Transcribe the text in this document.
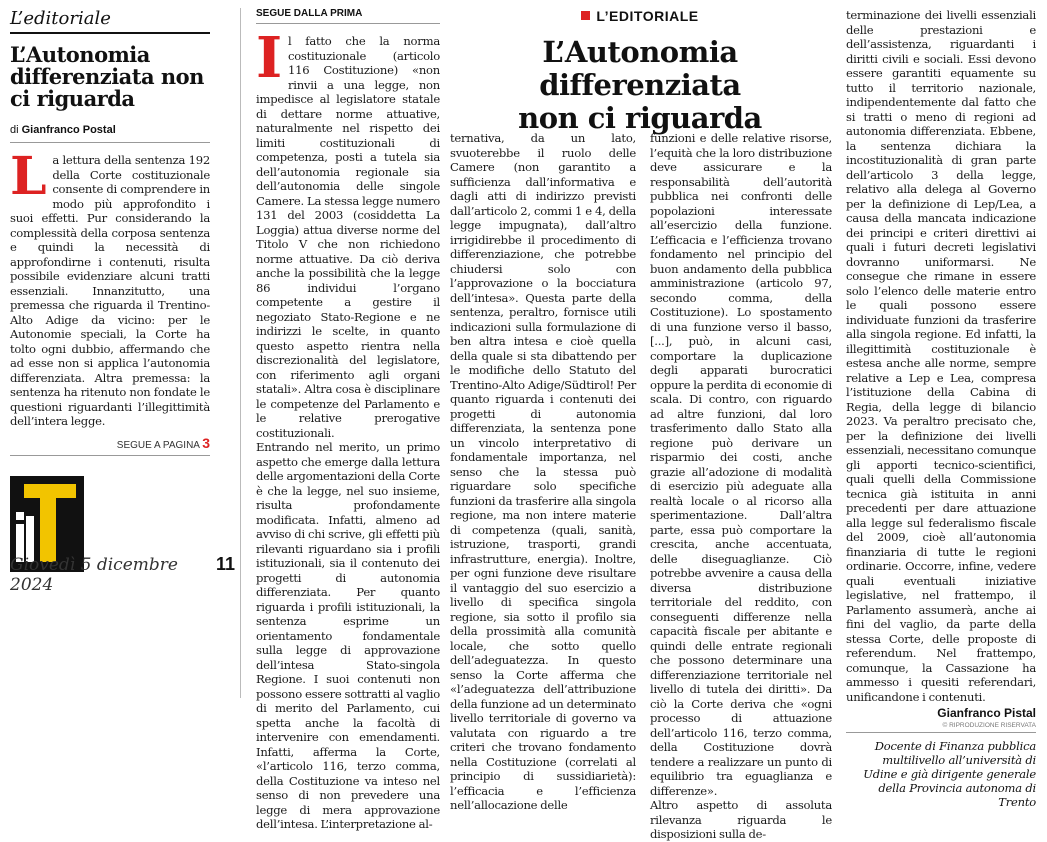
L’editoriale
L’Autonomia differenziata non ci riguarda
di Gianfranco Postal
L a lettura della sentenza 192 della Corte costituzionale consente di comprendere in modo più approfondito i suoi effetti. Pur considerando la complessità della corposa sentenza e quindi la necessità di approfondirne i contenuti, risulta possibile evidenziare alcuni tratti essenziali. Innanzitutto, una premessa che riguarda il Trentino-Alto Adige da vicino: per le Autonomie speciali, la Corte ha tolto ogni dubbio, affermando che ad esse non si applica l’autonomia differenziata. Altra premessa: la sentenza ha ritenuto non fondate le questioni riguardanti l’illegittimità dell’intera legge.
SEGUE A PAGINA 3
Giovedì 5 dicembre 2024
11
SEGUE DALLA PRIMA

Il fatto che la norma costituzionale (articolo 116 Costituzione) «non rinvii a una legge, non impedisce al legislatore statale di dettare norme attuative, naturalmente nel rispetto dei limiti costituzionali di competenza, posti a tutela sia dell’autonomia regionale sia dell’autonomia delle singole Camere. La stessa legge numero 131 del 2003 (cosiddetta La Loggia) attua diverse norme del Titolo V che non richiedono norme attuative. Da ciò deriva anche la possibilità che la legge 86 individui l’organo competente a gestire il negoziato Stato-Regione e ne indirizzi le scelte, in quanto questo aspetto rientra nella discrezionalità del legislatore, con riferimento agli organi statali». Altra cosa è disciplinare le competenze del Parlamento e le relative prerogative costituzionali.

Entrando nel merito, un primo aspetto che emerge dalla lettura delle argomentazioni della Corte è che la legge, nel suo insieme, risulta profondamente modificata. Infatti, almeno ad avviso di chi scrive, gli effetti più rilevanti riguardano sia i profili istituzionali, sia il contenuto dei progetti di autonomia differenziata. Per quanto riguarda i profili istituzionali, la sentenza esprime un orientamento fondamentale sulla legge di approvazione dell’intesa Stato-singola Regione. I suoi contenuti non possono essere sottratti al vaglio di merito del Parlamento, cui spetta anche la facoltà di intervenire con emendamenti. Infatti, afferma la Corte, «l’articolo 116, terzo comma, della Costituzione va inteso nel senso di non prevedere una legge di mera approvazione dell’intesa. L’interpretazione al-

L’EDITORIALE
L’Autonomia differenziata
non ci riguarda

ternativa, da un lato, svuoterebbe il ruolo delle Camere (non garantito a sufficienza dall’informativa e dagli atti di indirizzo previsti dall’articolo 2, commi 1 e 4, della legge impugnata), dall’altro irrigidirebbe il procedimento di differenziazione, che potrebbe chiudersi solo con l’approvazione o la bocciatura dell’intesa». Questa parte della sentenza, peraltro, fornisce utili indicazioni sulla formulazione di ben altra intesa e cioè quella della quale si sta dibattendo per le modifiche dello Statuto del Trentino-Alto Adige/Südtirol! Per quanto riguarda i contenuti dei progetti di autonomia differenziata, la sentenza pone un vincolo interpretativo di fondamentale importanza, nel senso che la stessa può riguardare solo specifiche funzioni da trasferire alla singola regione, ma non intere materie di competenza (quali, sanità, istruzione, trasporti, grandi infrastrutture, energia). Inoltre, per ogni funzione deve risultare il vantaggio del suo esercizio a livello di specifica singola regione, sia sotto il profilo sia della prossimità alla comunità locale, che sotto quello dell’adeguatezza. In questo senso la Corte afferma che «l’adeguatezza dell’attribuzione della funzione ad un determinato livello territoriale di governo va valutata con riguardo a tre criteri che trovano fondamento nella Costituzione (correlati al principio di sussidiarietà): l’efficacia e l’efficienza nell’allocazione delle

funzioni e delle relative risorse, l’equità che la loro distribuzione deve assicurare e la responsabilità dell’autorità pubblica nei confronti delle popolazioni interessate all’esercizio della funzione. L’efficacia e l’efficienza trovano fondamento nel principio del buon andamento della pubblica amministrazione (articolo 97, secondo comma, della Costituzione). Lo spostamento di una funzione verso il basso, [...], può, in alcuni casi, comportare la duplicazione degli apparati burocratici oppure la perdita di economie di scala. Di contro, con riguardo ad altre funzioni, dal loro trasferimento dallo Stato alla regione può derivare un risparmio dei costi, anche grazie all’adozione di modalità di esercizio più adeguate alla realtà locale o al ricorso alla sperimentazione. Dall’altra parte, essa può comportare la crescita, anche accentuata, delle diseguaglianze. Ciò potrebbe avvenire a causa della diversa distribuzione territoriale del reddito, con conseguenti differenze nella capacità fiscale per abitante e quindi delle entrate regionali che possono determinare una differenziazione territoriale nel livello di tutela dei diritti». Da ciò la Corte deriva che «ogni processo di attuazione dell’articolo 116, terzo comma, della Costituzione dovrà tendere a realizzare un punto di equilibrio tra eguaglianza e differenze».

Altro aspetto di assoluta rilevanza riguarda le disposizioni sulla de-

terminazione dei livelli essenziali delle prestazioni e dell’assistenza, riguardanti i diritti civili e sociali. Essi devono essere garantiti equamente su tutto il territorio nazionale, indipendentemente dal fatto che si tratti o meno di regioni ad autonomia differenziata. Ebbene, la sentenza dichiara la incostituzionalità di gran parte dell’articolo 3 della legge, relativo alla delega al Governo per la definizione di Lep/Lea, a causa della mancata indicazione dei principi e criteri direttivi ai quali i futuri decreti legislativi dovranno uniformarsi. Ne consegue che rimane in essere solo l’elenco delle materie entro le quali possono essere individuate funzioni da trasferire alla singola regione. Ed infatti, la illegittimità costituzionale è estesa anche alle norme, sempre relative a Lep e Lea, compresa l’istituzione della Cabina di Regia, della legge di bilancio 2023. Va peraltro precisato che, per la definizione dei livelli essenziali, necessitano comunque gli apporti tecnico-scientifici, quali quelli della Commissione tecnica già istituita in anni precedenti per dare attuazione alla legge sul federalismo fiscale del 2009, cioè all’autonomia finanziaria di tutte le regioni ordinarie. Occorre, infine, vedere quali eventuali iniziative legislative, nel frattempo, il Parlamento assumerà, anche ai fini del vaglio, da parte della stessa Corte, delle proposte di referendum. Nel frattempo, comunque, la Cassazione ha ammesso i quesiti referendari, unificandone i contenuti.

Gianfranco Pistal
© RIPRODUZIONE RISERVATA
Docente di Finanza pubblica multilivello all’università di Udine e già dirigente generale della Provincia autonoma di Trento
